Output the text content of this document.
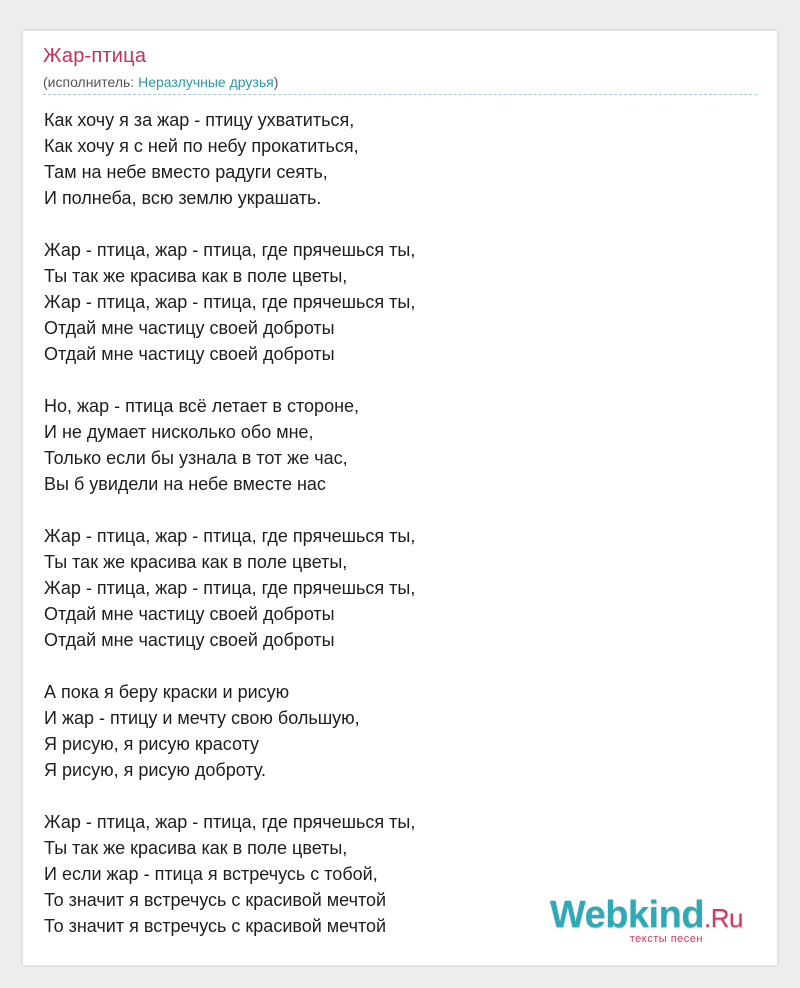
Жар-птица
(исполнитель: Неразлучные друзья)
Как хочу я за жар - птицу ухватиться,
Как хочу я с ней по небу прокатиться,
Там на небе вместо радуги сеять,
И полнеба, всю землю украшать.
Жар - птица, жар - птица, где прячешься ты,
Ты так же красива как в поле цветы,
Жар - птица, жар - птица, где прячешься ты,
Отдай мне частицу своей доброты
Отдай мне частицу своей доброты
Но, жар - птица всё летает в стороне,
И не думает нисколько обо мне,
Только если бы узнала в тот же час,
Вы б увидели на небе вместе нас
Жар - птица, жар - птица, где прячешься ты,
Ты так же красива как в поле цветы,
Жар - птица, жар - птица, где прячешься ты,
Отдай мне частицу своей доброты
Отдай мне частицу своей доброты
А пока я беру краски и рисую
И жар - птицу и мечту свою большую,
Я рисую, я рисую красоту
Я рисую, я рисую доброту.
Жар - птица, жар - птица, где прячешься ты,
Ты так же красива как в поле цветы,
И если жар - птица я встречусь с тобой,
То значит я встречусь с красивой мечтой
То значит я встречусь с красивой мечтой	Webkind.Ru
тексты песен
